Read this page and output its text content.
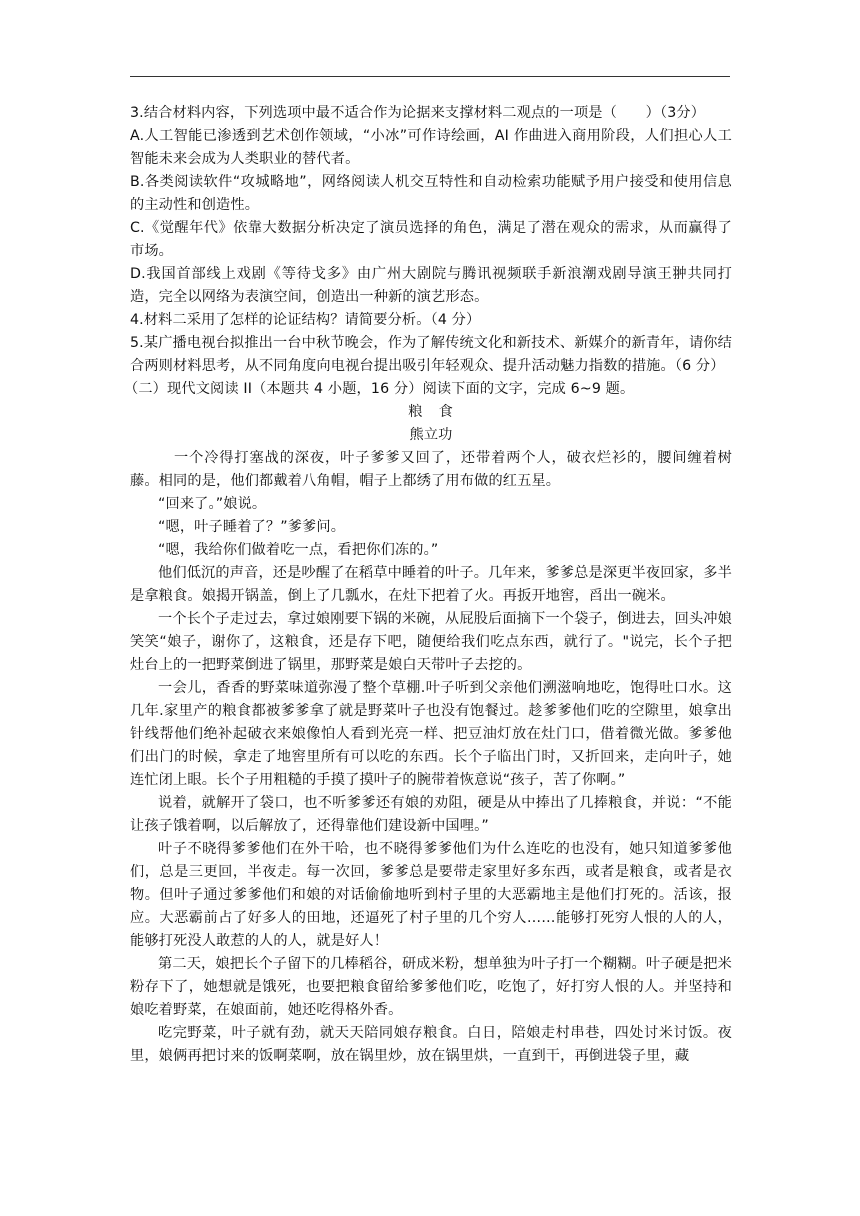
3.结合材料内容，下列选项中最不适合作为论据来支撑材料二观点的一项是（　　）（3分）

A.人工智能已渗透到艺术创作领域，“小冰”可作诗绘画，AI 作曲进入商用阶段，人们担心人工智能未来会成为人类职业的替代者。

B.各类阅读软件“攻城略地”，网络阅读人机交互特性和自动检索功能赋予用户接受和使用信息的主动性和创造性。

C.《觉醒年代》依靠大数据分析决定了演员选择的角色，满足了潜在观众的需求，从而赢得了市场。

D.我国首部线上戏剧《等待戈多》由广州大剧院与腾讯视频联手新浪潮戏剧导演王翀共同打造，完全以网络为表演空间，创造出一种新的演艺形态。

4.材料二采用了怎样的论证结构？请简要分析。（4 分）

5.某广播电视台拟推出一台中秋节晚会，作为了解传统文化和新技术、新媒介的新青年，请你结合两则材料思考，从不同角度向电视台提出吸引年轻观众、提升活动魅力指数的措施。（6 分）

（二）现代文阅读 II（本题共 4 小题，16 分）阅读下面的文字，完成 6~9 题。

粮　食

熊立功

一个冷得打塞战的深夜，叶子爹爹又回了，还带着两个人，破衣烂衫的，腰间缠着树藤。相同的是，他们都戴着八角帽，帽子上都绣了用布做的红五星。

“回来了。”娘说。

“嗯，叶子睡着了？”爹爹问。

“嗯，我给你们做着吃一点，看把你们冻的。”

他们低沉的声音，还是吵醒了在稻草中睡着的叶子。几年来，爹爹总是深更半夜回家，多半是拿粮食。娘揭开锅盖，倒上了几瓢水，在灶下把着了火。再扳开地窖，舀出一碗米。

一个长个子走过去，拿过娘刚要下锅的米碗，从屁股后面摘下一个袋子，倒进去，回头冲娘笑笑“娘子，谢你了，这粮食，还是存下吧，随便给我们吃点东西，就行了。"说完，长个子把灶台上的一把野菜倒进了锅里，那野菜是娘白天带叶子去挖的。

一会儿，香香的野菜味道弥漫了整个草棚.叶子听到父亲他们溯滋响地吃，饱得吐口水。这几年.家里产的粮食都被爹爹拿了就是野菜叶子也没有饱餐过。趁爹爹他们吃的空隙里，娘拿出针线帮他们绝补起破衣来娘像怕人看到光亮一样、把豆油灯放在灶门口，借着微光做。爹爹他们出门的时候，拿走了地窖里所有可以吃的东西。长个子临出门时，又折回来，走向叶子，她连忙闭上眼。长个子用粗糙的手摸了摸叶子的腕带着恢意说“孩子，苦了你啊。”

说着，就解开了袋口，也不听爹爹还有娘的劝阻，硬是从中捧出了几捧粮食，并说：“不能让孩子饿着啊，以后解放了，还得靠他们建设新中国哩。”

叶子不晓得爹爹他们在外干哈，也不晓得爹爹他们为什么连吃的也没有，她只知道爹爹他们，总是三更回，半夜走。每一次回，爹爹总是要带走家里好多东西，或者是粮食，或者是衣物。但叶子通过爹爹他们和娘的对话偷偷地听到村子里的大恶霸地主是他们打死的。活该，报应。大恶霸前占了好多人的田地，还逼死了村子里的几个穷人……能够打死穷人恨的人的人，能够打死没人敢惹的人的人，就是好人！

第二天，娘把长个子留下的几棒稻谷，研成米粉，想单独为叶子打一个糊糊。叶子硬是把米粉存下了，她想就是饿死，也要把粮食留给爹爹他们吃，吃饱了，好打穷人恨的人。并坚持和娘吃着野菜，在娘面前，她还吃得格外香。

吃完野菜，叶子就有劲，就天天陪同娘存粮食。白日，陪娘走村串巷，四处讨米讨饭。夜里，娘俩再把讨来的饭啊菜啊，放在锅里炒，放在锅里烘，一直到干，再倒进袋子里，藏
